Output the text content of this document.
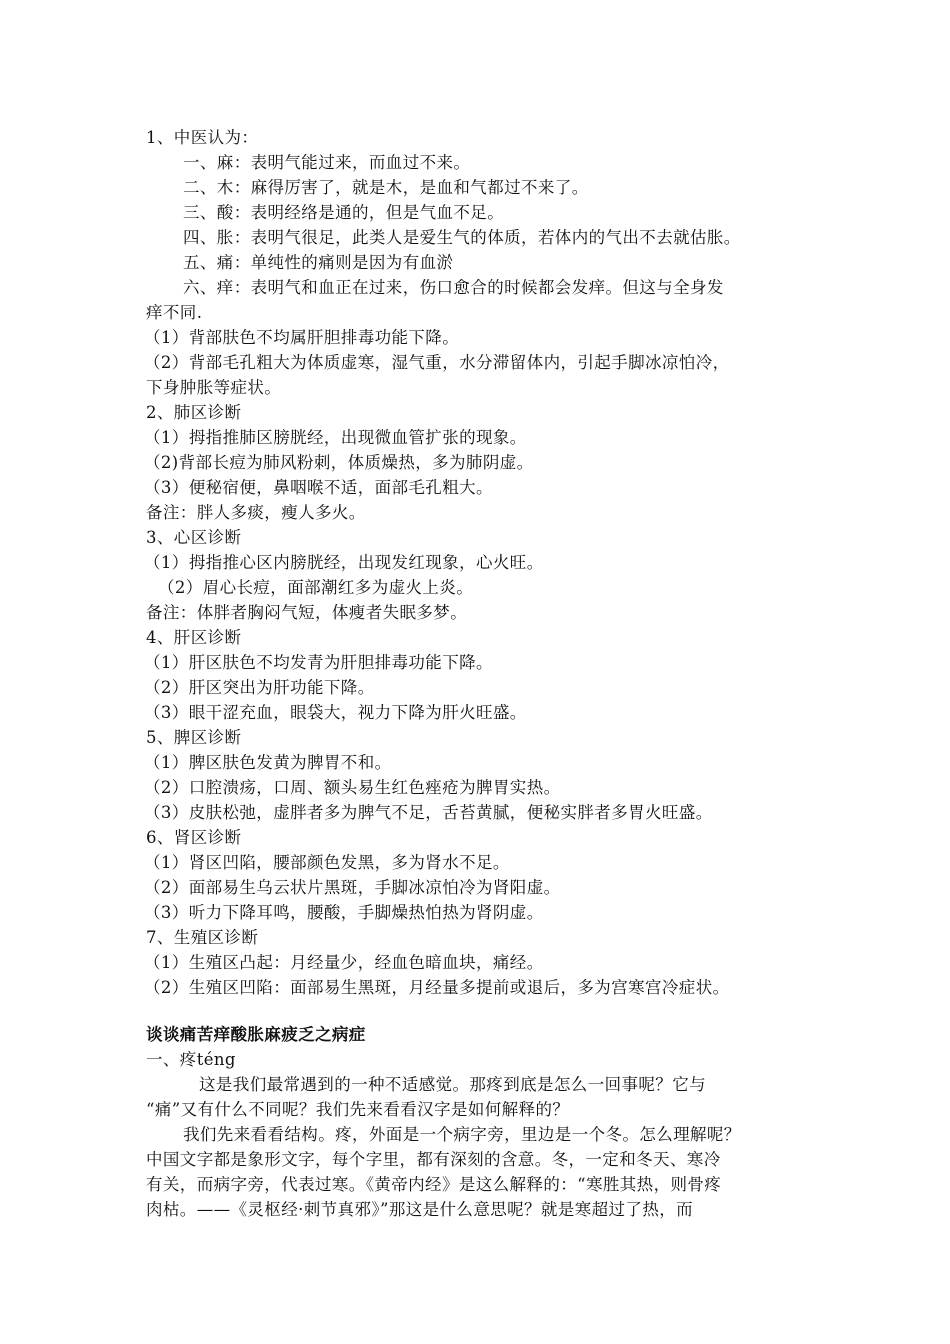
1、中医认为：
一、麻：表明气能过来，而血过不来。
二、木：麻得厉害了，就是木，是血和气都过不来了。
三、酸：表明经络是通的，但是气血不足。
四、胀：表明气很足，此类人是爱生气的体质，若体内的气出不去就估胀。
五、痛：单纯性的痛则是因为有血淤
六、痒：表明气和血正在过来，伤口愈合的时候都会发痒。但这与全身发
痒不同.
（1）背部肤色不均属肝胆排毒功能下降。
（2）背部毛孔粗大为体质虚寒，湿气重，水分滞留体内，引起手脚冰凉怕冷，
下身肿胀等症状。
2、肺区诊断
（1）拇指推肺区膀胱经，出现微血管扩张的现象。
（2)背部长痘为肺风粉刺，体质燥热，多为肺阴虚。
（3）便秘宿便，鼻咽喉不适，面部毛孔粗大。
备注：胖人多痰，瘦人多火。
3、心区诊断
（1）拇指推心区内膀胱经，出现发红现象，心火旺。
（2）眉心长痘，面部潮红多为虚火上炎。
备注：体胖者胸闷气短，体瘦者失眠多梦。
4、肝区诊断
（1）肝区肤色不均发青为肝胆排毒功能下降。
（2）肝区突出为肝功能下降。
（3）眼干涩充血，眼袋大，视力下降为肝火旺盛。
5、脾区诊断
（1）脾区肤色发黄为脾胃不和。
（2）口腔溃疡，口周、额头易生红色痤疮为脾胃实热。
（3）皮肤松弛，虚胖者多为脾气不足，舌苔黄腻，便秘实胖者多胃火旺盛。
6、肾区诊断
（1）肾区凹陷，腰部颜色发黑，多为肾水不足。
（2）面部易生乌云状片黑斑，手脚冰凉怕冷为肾阳虚。
（3）听力下降耳鸣，腰酸，手脚燥热怕热为肾阴虚。
7、生殖区诊断
（1）生殖区凸起：月经量少，经血色暗血块，痛经。
（2）生殖区凹陷：面部易生黑斑，月经量多提前或退后，多为宫寒宫冷症状。
谈谈痛苦痒酸胀麻疲乏之病症
一、疼téng
这是我们最常遇到的一种不适感觉。那疼到底是怎么一回事呢？它与
“痛”又有什么不同呢？我们先来看看汉字是如何解释的？
我们先来看看结构。疼，外面是一个病字旁，里边是一个冬。怎么理解呢？
中国文字都是象形文字，每个字里，都有深刻的含意。冬，一定和冬天、寒冷
有关，而病字旁，代表过寒。《黄帝内经》是这么解释的：“寒胜其热，则骨疼
肉枯。——《灵枢经·刺节真邪》”那这是什么意思呢？就是寒超过了热，而
